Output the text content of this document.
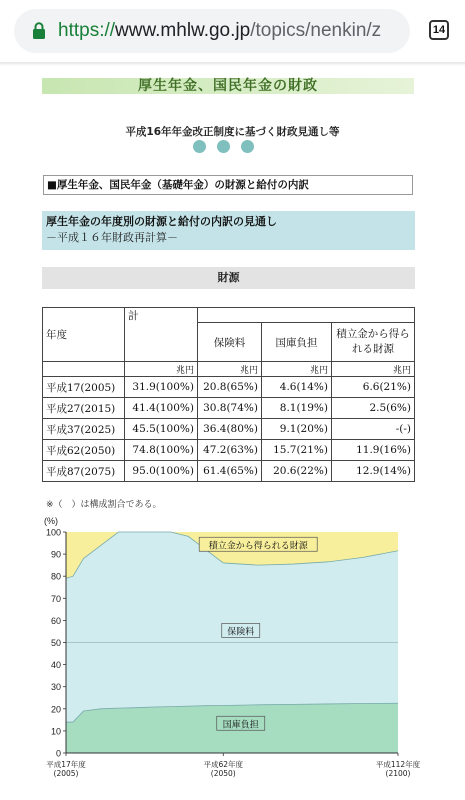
https://www.mhlw.go.jp/topics/nenkin/z	14
厚生年金、国民年金の財政
平成16年年金改正制度に基づく財政見通し等
■厚生年金、国民年金（基礎年金）の財源と給付の内訳
厚生年金の年度別の財源と給付の内訳の見通し
－平成１６年財政再計算－
財源
年度	計			
		保険料	国庫負担	積立金から得られる財源
	兆円	兆円	兆円	兆円
平成17(2005)	31.9(100%)	20.8(65%)	4.6(14%)	6.6(21%)
平成27(2015)	41.4(100%)	30.8(74%)	8.1(19%)	2.5(6%)
平成37(2025)	45.5(100%)	36.4(80%)	9.1(20%)	-(-)
平成62(2050)	74.8(100%)	47.2(63%)	15.7(21%)	11.9(16%)
平成87(2075)	95.0(100%)	61.4(65%)	20.6(22%)	12.9(14%)
※（　）は構成割合である。
0
10
20
30
40
50
60
70
80
90
100
(%)
平成17年度
(2005)
平成62年度
(2050)
平成112年度
(2100)
国庫負担
保険料
積立金から得られる財源
